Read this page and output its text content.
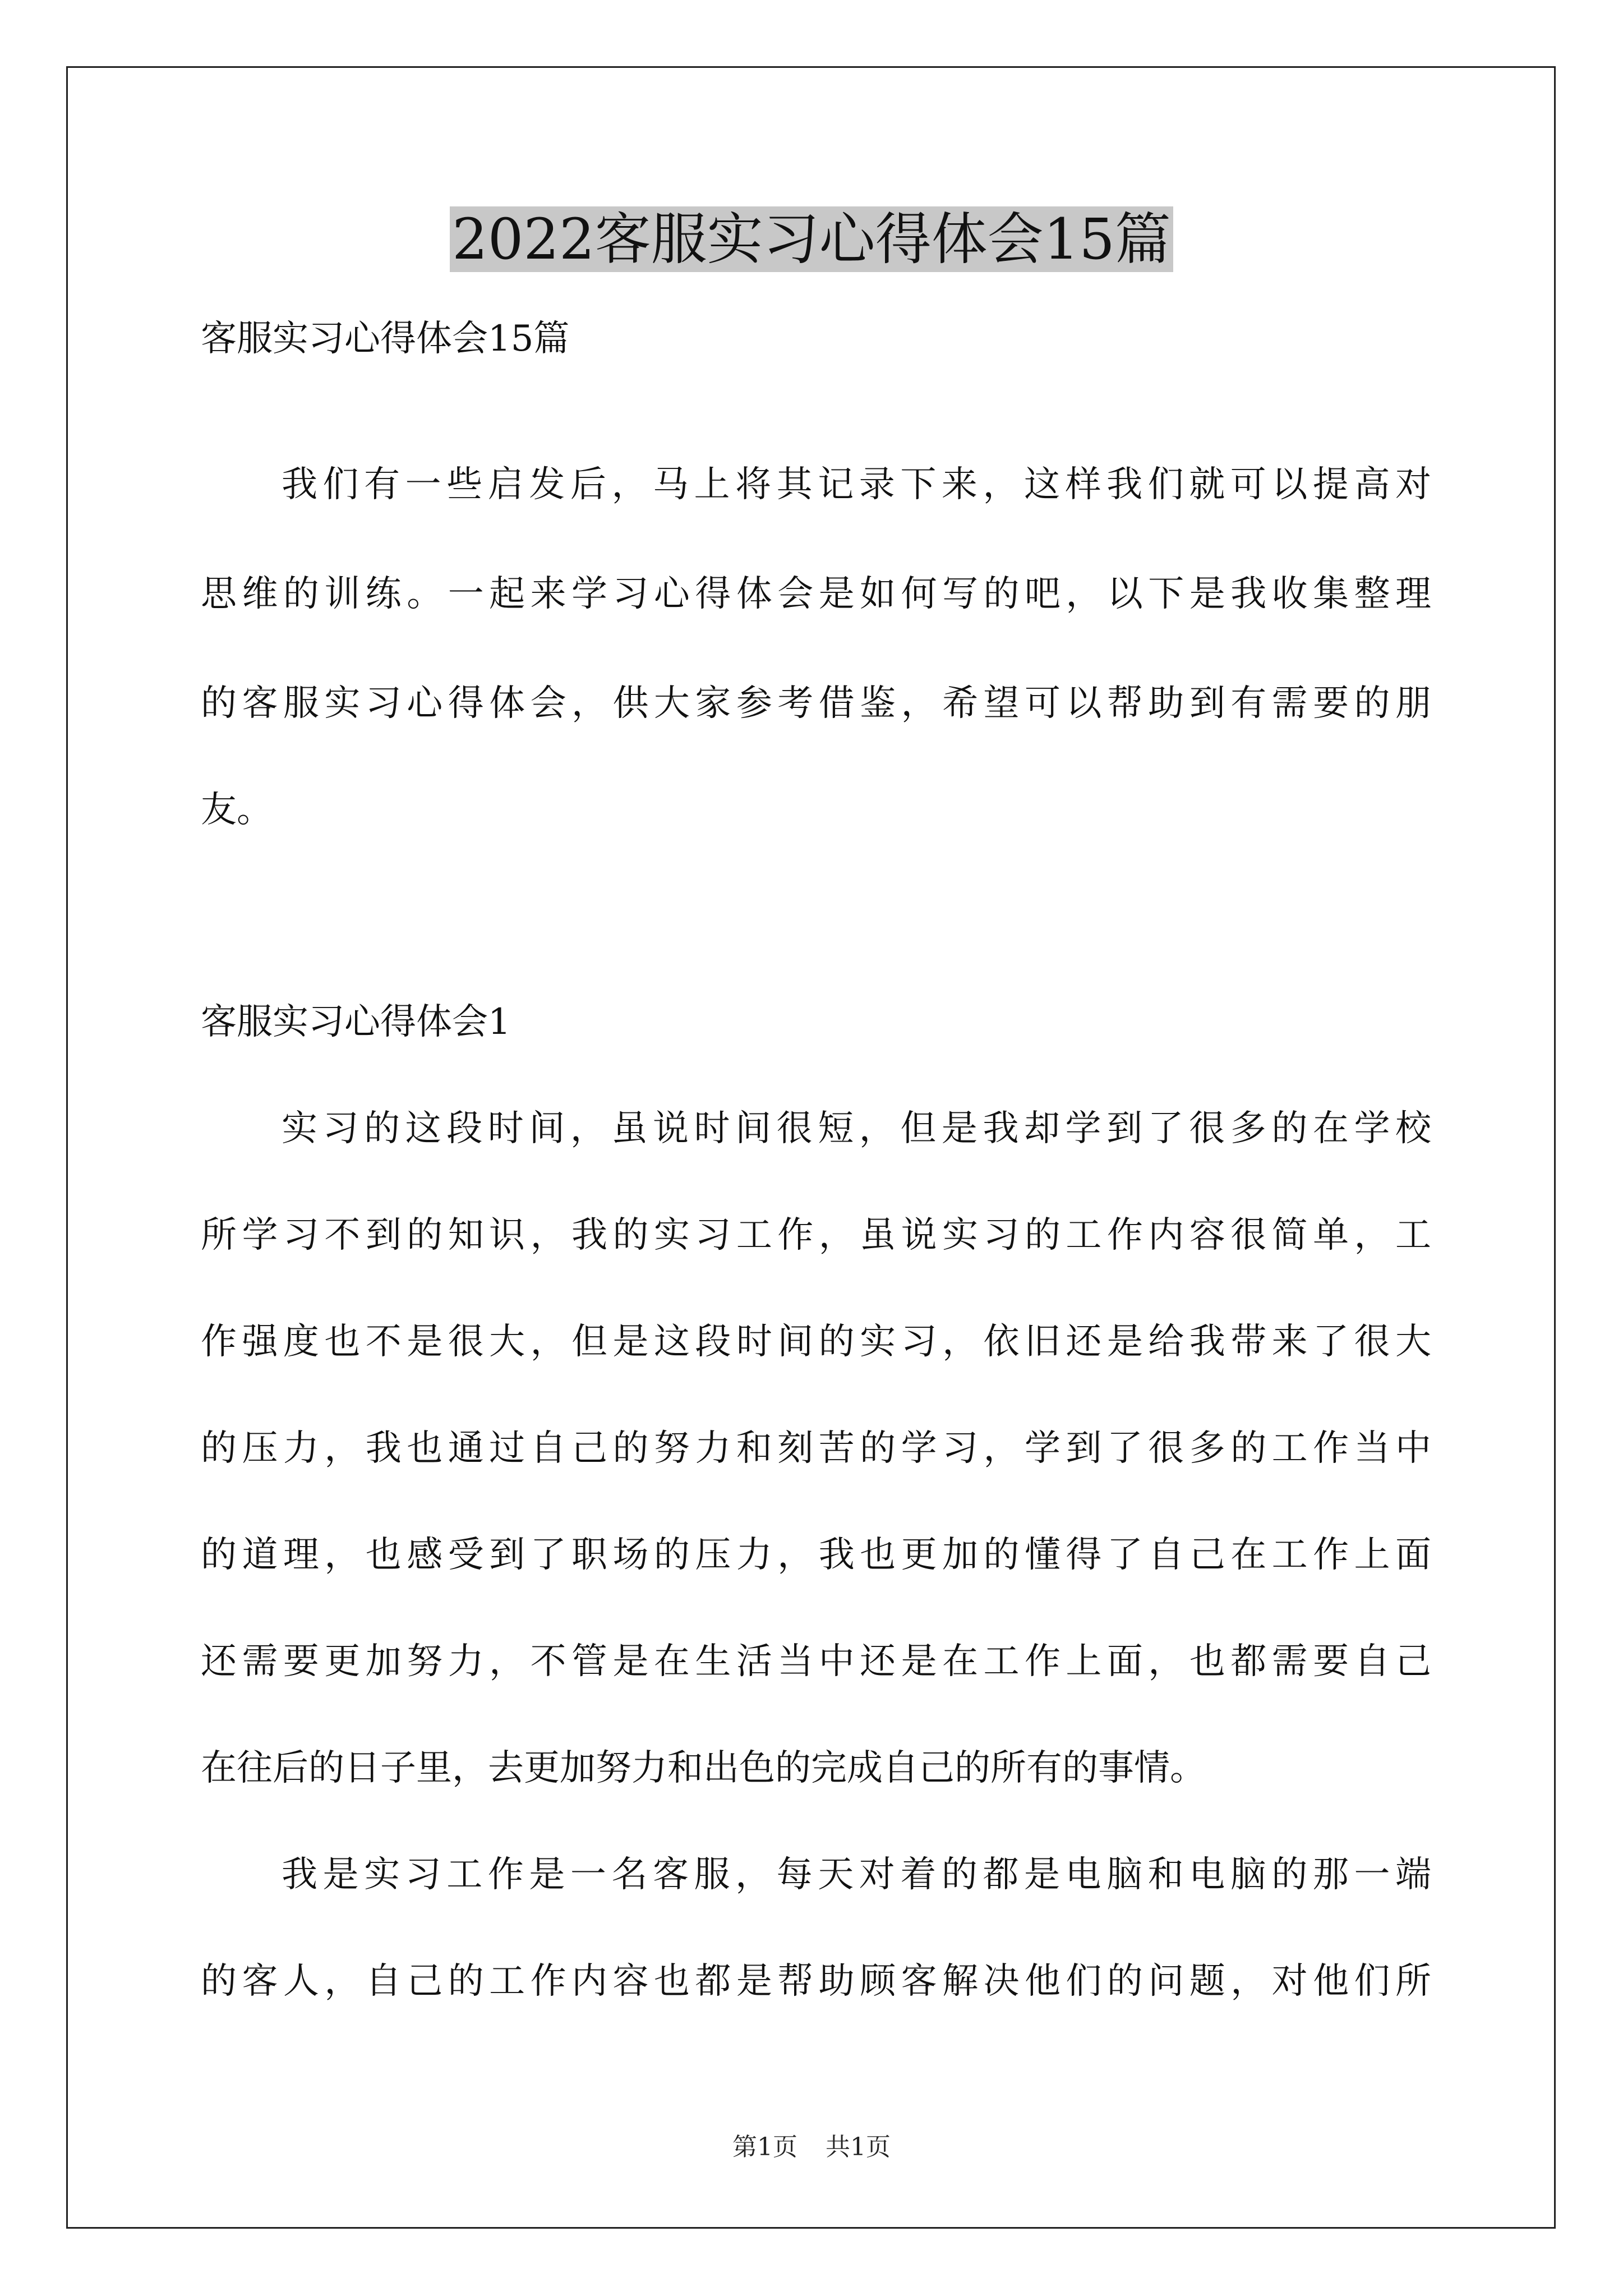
2022客服实习心得体会15篇

客服实习心得体会15篇

我们有一些启发后，马上将其记录下来，这样我们就可以提高对

思维的训练。一起来学习心得体会是如何写的吧，以下是我收集整理

的客服实习心得体会，供大家参考借鉴，希望可以帮助到有需要的朋

友。

客服实习心得体会1

实习的这段时间，虽说时间很短，但是我却学到了很多的在学校

所学习不到的知识，我的实习工作，虽说实习的工作内容很简单，工

作强度也不是很大，但是这段时间的实习，依旧还是给我带来了很大

的压力，我也通过自己的努力和刻苦的学习，学到了很多的工作当中

的道理，也感受到了职场的压力，我也更加的懂得了自己在工作上面

还需要更加努力，不管是在生活当中还是在工作上面，也都需要自己

在往后的日子里，去更加努力和出色的完成自己的所有的事情。

我是实习工作是一名客服，每天对着的都是电脑和电脑的那一端

的客人，自己的工作内容也都是帮助顾客解决他们的问题，对他们所

第1页 共1页
